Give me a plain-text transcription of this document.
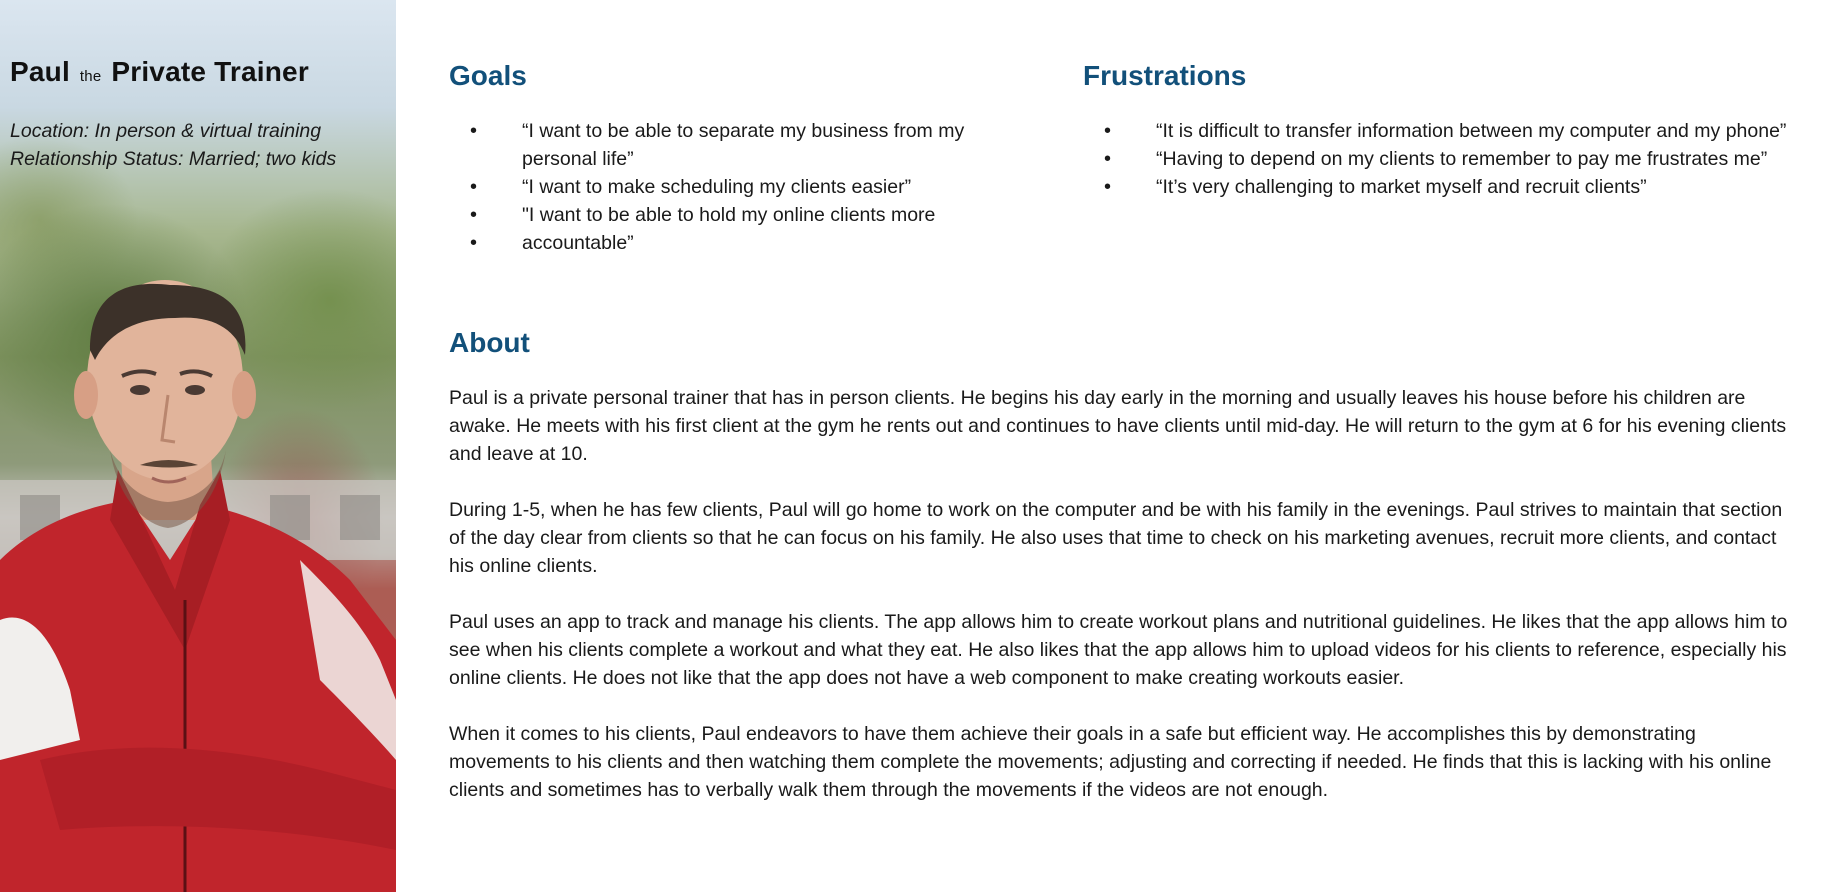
Paul the Private Trainer
Location: In person & virtual training
Relationship Status: Married; two kids
Goals
• “I want to be able to separate my business from my personal life”
• “I want to make scheduling my clients easier”
• "I want to be able to hold my online clients more
• accountable”
Frustrations
• “It is difficult to transfer information between my computer and my phone”
• “Having to depend on my clients to remember to pay me frustrates me”
• “It’s very challenging to market myself and recruit clients”
About

Paul is a private personal trainer that has in person clients. He begins his day early in the morning and usually leaves his house before his children are awake. He meets with his first client at the gym he rents out and continues to have clients until mid-day. He will return to the gym at 6 for his evening clients and leave at 10.

During 1-5, when he has few clients, Paul will go home to work on the computer and be with his family in the evenings. Paul strives to maintain that section of the day clear from clients so that he can focus on his family. He also uses that time to check on his marketing avenues, recruit more clients, and contact his online clients.

Paul uses an app to track and manage his clients. The app allows him to create workout plans and nutritional guidelines. He likes that the app allows him to see when his clients complete a workout and what they eat. He also likes that the app allows him to upload videos for his clients to reference, especially his online clients. He does not like that the app does not have a web component to make creating workouts easier.

When it comes to his clients, Paul endeavors to have them achieve their goals in a safe but efficient way. He accomplishes this by demonstrating movements to his clients and then watching them complete the movements; adjusting and correcting if needed. He finds that this is lacking with his online clients and sometimes has to verbally walk them through the movements if the videos are not enough.
